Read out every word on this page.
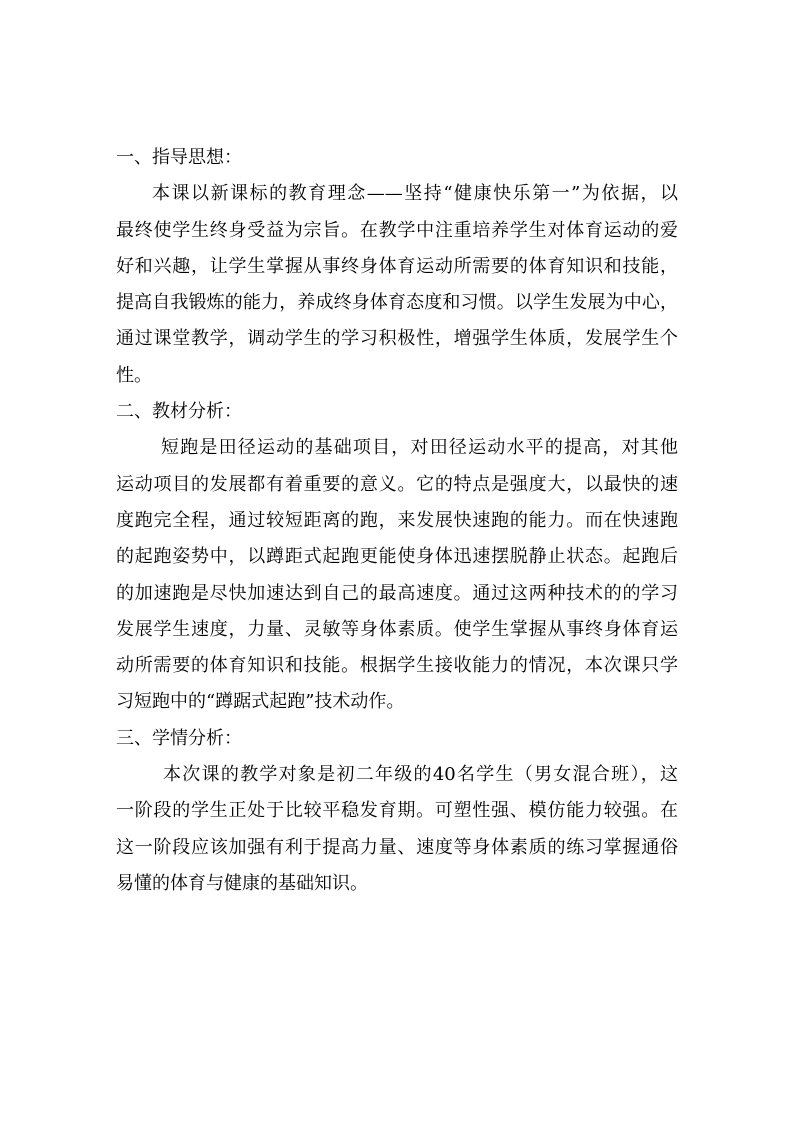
一、指导思想：

本课以新课标的教育理念——坚持“健康快乐第一”为依据，以

最终使学生终身受益为宗旨。在教学中注重培养学生对体育运动的爱

好和兴趣，让学生掌握从事终身体育运动所需要的体育知识和技能，

提高自我锻炼的能力，养成终身体育态度和习惯。以学生发展为中心，

通过课堂教学，调动学生的学习积极性，增强学生体质，发展学生个

性。

二、教材分析：

短跑是田径运动的基础项目，对田径运动水平的提高，对其他

运动项目的发展都有着重要的意义。它的特点是强度大，以最快的速

度跑完全程，通过较短距离的跑，来发展快速跑的能力。而在快速跑

的起跑姿势中，以蹲距式起跑更能使身体迅速摆脱静止状态。起跑后

的加速跑是尽快加速达到自己的最高速度。通过这两种技术的的学习

发展学生速度，力量、灵敏等身体素质。使学生掌握从事终身体育运

动所需要的体育知识和技能。根据学生接收能力的情况，本次课只学

习短跑中的“蹲踞式起跑”技术动作。

三、学情分析：

本次课的教学对象是初二年级的40名学生（男女混合班），这

一阶段的学生正处于比较平稳发育期。可塑性强、模仿能力较强。在

这一阶段应该加强有利于提高力量、速度等身体素质的练习掌握通俗

易懂的体育与健康的基础知识。
